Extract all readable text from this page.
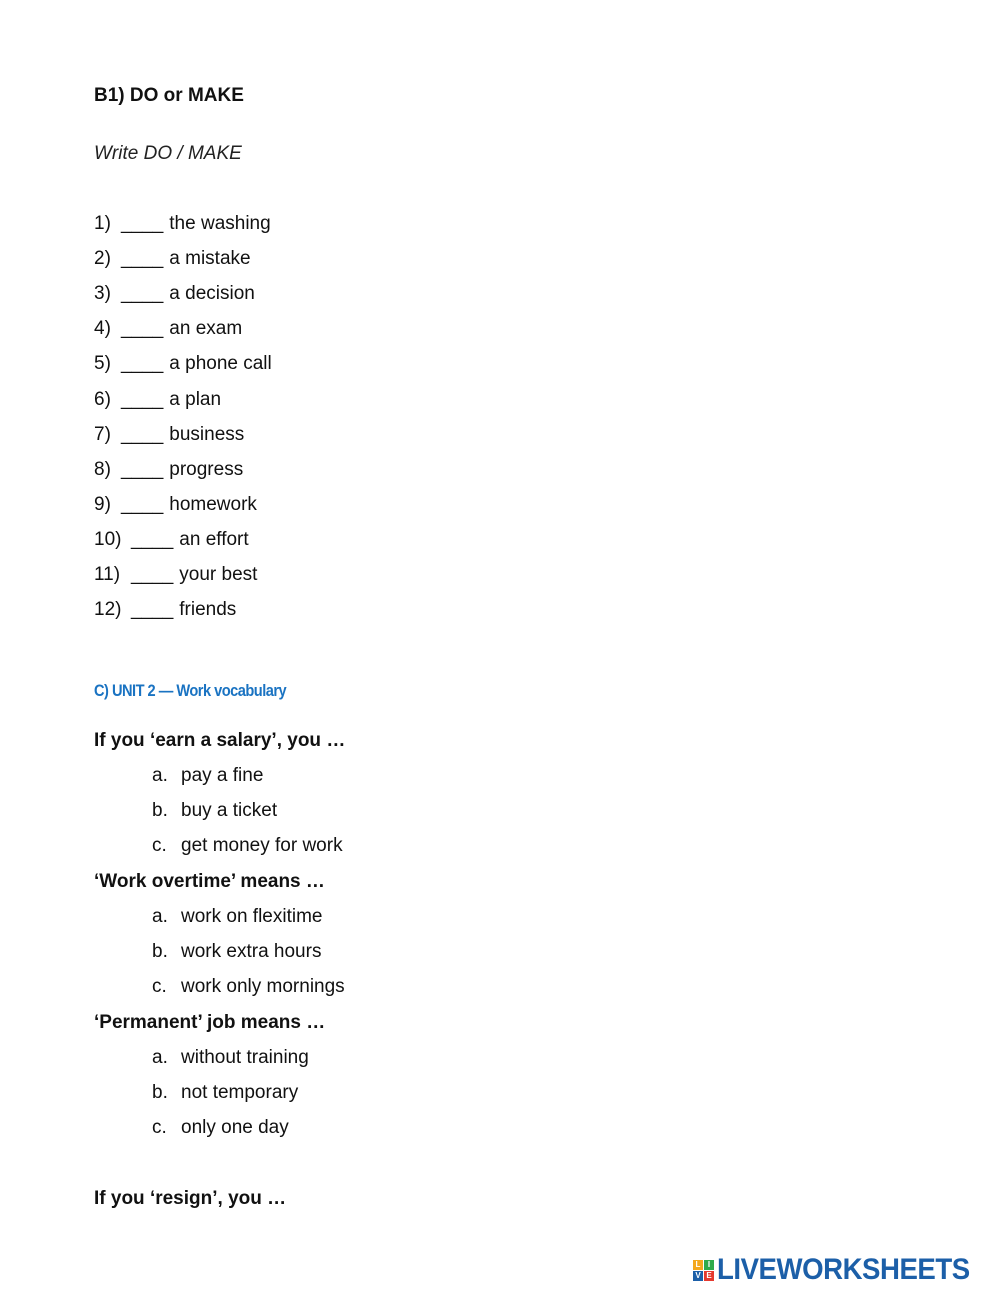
B1) DO or MAKE
Write DO / MAKE
1) ____ the washing
2) ____ a mistake
3) ____ a decision
4) ____ an exam
5) ____ a phone call
6) ____ a plan
7) ____ business
8) ____ progress
9) ____ homework
10) ____ an effort
11) ____ your best
12) ____ friends
C) UNIT 2 — Work vocabulary
If you ‘earn a salary’, you …
a. pay a fine
b. buy a ticket
c. get money for work
‘Work overtime’ means …
a. work on flexitime
b. work extra hours
c. work only mornings
‘Permanent’ job means …
a. without training
b. not temporary
c. only one day
If you ‘resign’, you …
L I
V E LIVEWORKSHEETS
